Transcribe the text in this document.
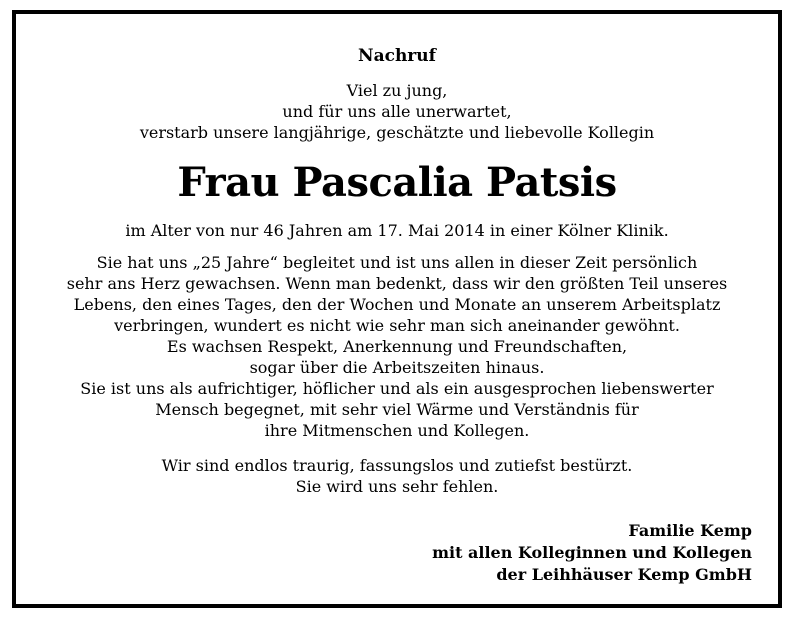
Nachruf
Viel zu jung,
und für uns alle unerwartet,
verstarb unsere langjährige, geschätzte und liebevolle Kollegin
Frau Pascalia Patsis
im Alter von nur 46 Jahren am 17. Mai 2014 in einer Kölner Klinik.
Sie hat uns „25 Jahre“ begleitet und ist uns allen in dieser Zeit persönlich
sehr ans Herz gewachsen. Wenn man bedenkt, dass wir den größten Teil unseres
Lebens, den eines Tages, den der Wochen und Monate an unserem Arbeitsplatz
verbringen, wundert es nicht wie sehr man sich aneinander gewöhnt.
Es wachsen Respekt, Anerkennung und Freundschaften,
sogar über die Arbeitszeiten hinaus.
Sie ist uns als aufrichtiger, höflicher und als ein ausgesprochen liebenswerter
Mensch begegnet, mit sehr viel Wärme und Verständnis für
ihre Mitmenschen und Kollegen.
Wir sind endlos traurig, fassungslos und zutiefst bestürzt.
Sie wird uns sehr fehlen.
Familie Kemp
mit allen Kolleginnen und Kollegen
der Leihhäuser Kemp GmbH
